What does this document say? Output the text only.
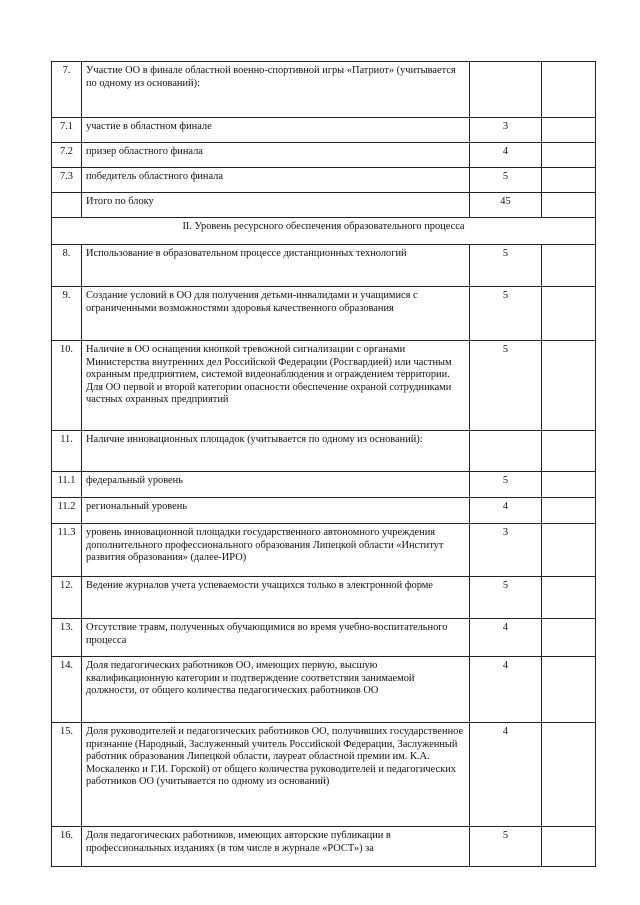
7.	Участие ОО в финале областной военно-спортивной игры «Патриот» (учитывается по одному из оснований):		
7.1	участие в областном финале	3	
7.2	призер областного финала	4	
7.3	победитель областного финала	5	
	Итого по блоку	45	
II. Уровень ресурсного обеспечения образовательного процесса			
8.	Использование в образовательном процессе дистанционных технологий	5	
9.	Создание условий в ОО для получения детьми-инвалидами и учащимися с ограниченными возможностями здоровья качественного образования	5	
10.	Наличие в ОО оснащения кнопкой тревожной сигнализации с органами Министерства внутренних дел Российской Федерации (Росгвардией) или частным охранным предприятием, системой видеонаблюдения и ограждением территории. Для ОО первой и второй категории опасности обеспечение охраной сотрудниками частных охранных предприятий	5	
11.	Наличие инновационных площадок (учитывается по одному из оснований):		
11.1	федеральный уровень	5	
11.2	региональный уровень	4	
11.3	уровень инновационной площадки государственного автономного учреждения дополнительного профессионального образования Липецкой области «Институт развития образования» (далее-ИРО)	3	
12.	Ведение журналов учета успеваемости учащихся только в электронной форме	5	
13.	Отсутствие травм, полученных обучающимися во время учебно-воспитательного процесса	4	
14.	Доля педагогических работников ОО, имеющих первую, высшую квалификационную категории и подтверждение соответствия занимаемой должности, от общего количества педагогических работников ОО	4	
15.	Доля руководителей и педагогических работников ОО, получивших государственное признание (Народный, Заслуженный учитель Российской Федерации, Заслуженный работник образования Липецкой области, лауреат областной премии им. К.А. Москаленко и Г.И. Горской) от общего количества руководителей и педагогических работников ОО (учитывается по одному из оснований)	4	
16.	Доля педагогических работников, имеющих авторские публикации в профессиональных изданиях (в том числе в журнале «РОСТ») за	5	
